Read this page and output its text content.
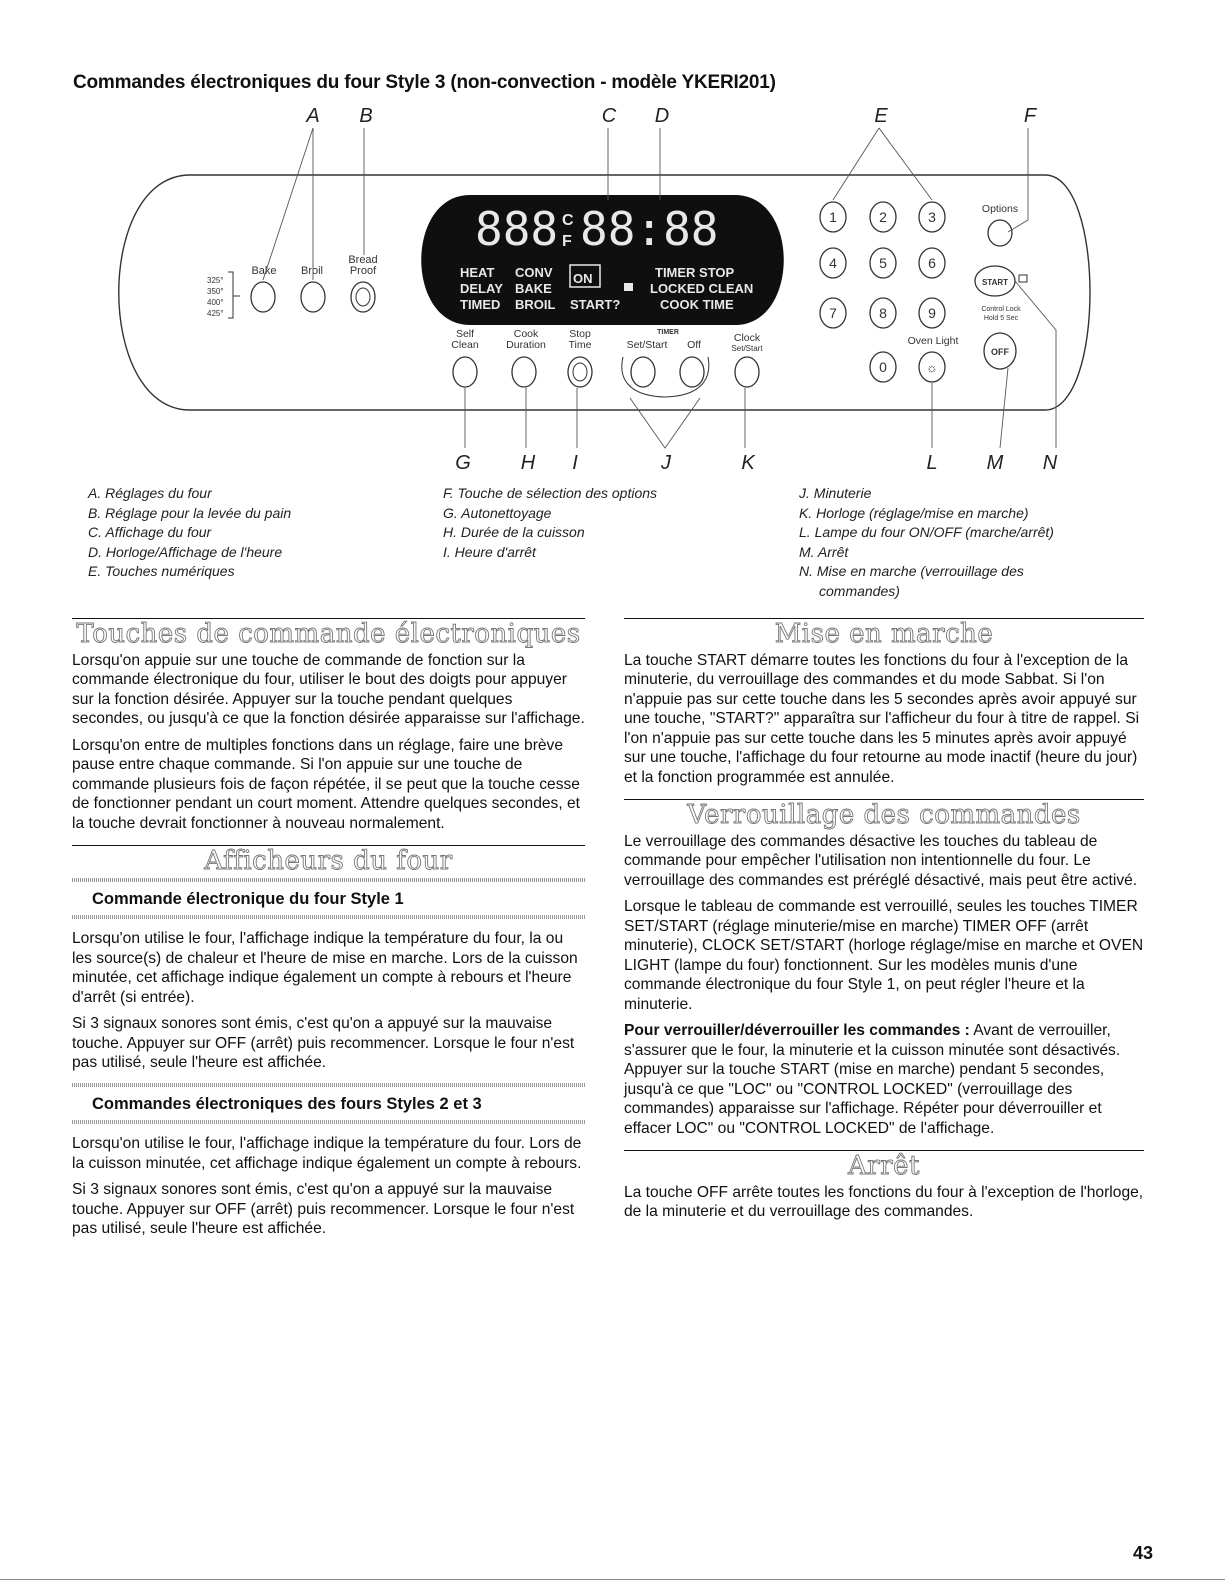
Commandes électroniques du four Style 3 (non-convection - modèle YKERI201)
888 C
F 88:88
HEAT CONV ON	TIMER STOP
DELAY BAKE	LOCKED CLEAN
TIMED BROIL START?	COOK TIME
325°
350°
400°
425°
Bake Broil
Bread
Proof
Self
Clean
Cook
Duration
Stop
Time
TIMER
Set/Start Off
Clock
Set/Start
1	2	3
4	5	6
7	8	9
0	☼
Options
START
Control Lock
Hold 5 Sec
Oven Light
OFF
A B	C D	E	F
G H I	J	K	L M N
A. Réglages du four
B. Réglage pour la levée du pain
C. Affichage du four
D. Horloge/Affichage de l'heure
E. Touches numériques
F. Touche de sélection des options
G. Autonettoyage
H. Durée de la cuisson
I. Heure d'arrêt
J. Minuterie
K. Horloge (réglage/mise en marche)
L. Lampe du four ON/OFF (marche/arrêt)
M. Arrêt
N. Mise en marche (verrouillage des
commandes)
Touches de commande électroniques

Lorsqu'on appuie sur une touche de commande de fonction sur la commande électronique du four, utiliser le bout des doigts pour appuyer sur la fonction désirée. Appuyer sur la touche pendant quelques secondes, ou jusqu'à ce que la fonction désirée apparaisse sur l'affichage.

Lorsqu'on entre de multiples fonctions dans un réglage, faire une brève pause entre chaque commande. Si l'on appuie sur une touche de commande plusieurs fois de façon répétée, il se peut que la touche cesse de fonctionner pendant un court moment. Attendre quelques secondes, et la touche devrait fonctionner à nouveau normalement.

Afficheurs du four
Commande électronique du four Style 1

Lorsqu'on utilise le four, l'affichage indique la température du four, la ou les source(s) de chaleur et l'heure de mise en marche. Lors de la cuisson minutée, cet affichage indique également un compte à rebours et l'heure d'arrêt (si entrée).

Si 3 signaux sonores sont émis, c'est qu'on a appuyé sur la mauvaise touche. Appuyer sur OFF (arrêt) puis recommencer. Lorsque le four n'est pas utilisé, seule l'heure est affichée.

Commandes électroniques des fours Styles 2 et 3

Lorsqu'on utilise le four, l'affichage indique la température du four. Lors de la cuisson minutée, cet affichage indique également un compte à rebours.

Si 3 signaux sonores sont émis, c'est qu'on a appuyé sur la mauvaise touche. Appuyer sur OFF (arrêt) puis recommencer. Lorsque le four n'est pas utilisé, seule l'heure est affichée.

Mise en marche

La touche START démarre toutes les fonctions du four à l'exception de la minuterie, du verrouillage des commandes et du mode Sabbat. Si l'on n'appuie pas sur cette touche dans les 5 secondes après avoir appuyé sur une touche, "START?" apparaîtra sur l'afficheur du four à titre de rappel. Si l'on n'appuie pas sur cette touche dans les 5 minutes après avoir appuyé sur une touche, l'affichage du four retourne au mode inactif (heure du jour) et la fonction programmée est annulée.

Verrouillage des commandes

Le verrouillage des commandes désactive les touches du tableau de commande pour empêcher l'utilisation non intentionnelle du four. Le verrouillage des commandes est préréglé désactivé, mais peut être activé.

Lorsque le tableau de commande est verrouillé, seules les touches TIMER SET/START (réglage minuterie/mise en marche) TIMER OFF (arrêt minuterie), CLOCK SET/START (horloge réglage/mise en marche et OVEN LIGHT (lampe du four) fonctionnent. Sur les modèles munis d'une commande électronique du four Style 1, on peut régler l'heure et la minuterie.

Pour verrouiller/déverrouiller les commandes : Avant de verrouiller, s'assurer que le four, la minuterie et la cuisson minutée sont désactivés. Appuyer sur la touche START (mise en marche) pendant 5 secondes, jusqu'à ce que "LOC" ou "CONTROL LOCKED" (verrouillage des commandes) apparaisse sur l'affichage. Répéter pour déverrouiller et effacer LOC" ou "CONTROL LOCKED" de l'affichage.

Arrêt

La touche OFF arrête toutes les fonctions du four à l'exception de l'horloge, de la minuterie et du verrouillage des commandes.

43
